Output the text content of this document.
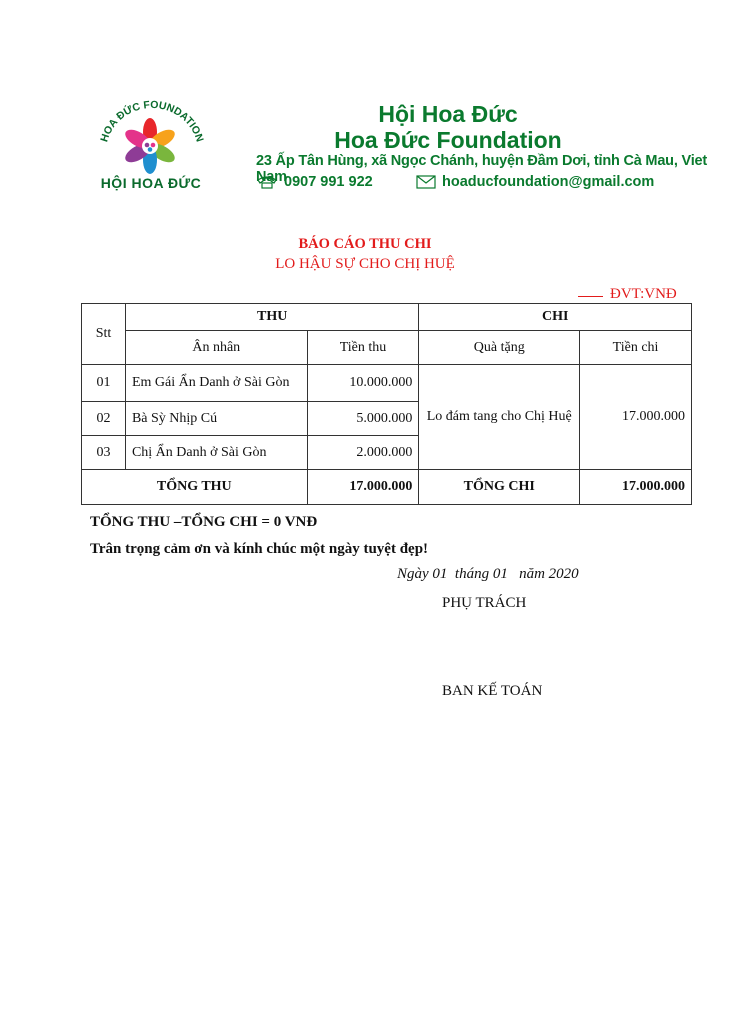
HOA ĐỨC FOUNDATION
HỘI HOA ĐỨC
Hội Hoa Đức
Hoa Đức Foundation
23 Ấp Tân Hùng, xã Ngọc Chánh, huyện Đầm Dơi, tỉnh Cà Mau, Viet Nam
0907 991 922	hoaducfoundation@gmail.com
BÁO CÁO THU CHI
LO HẬU SỰ CHO CHỊ HUỆ
ĐVT:VNĐ
Stt	THU		CHI	
	Ân nhân	Tiền thu	Quà tặng	Tiền chi
01	Em Gái Ẩn Danh ở Sài Gòn	10.000.000	Lo đám tang cho Chị Huệ	17.000.000
02	Bà Sỳ Nhịp Cú	5.000.000		
03	Chị Ẩn Danh ở Sài Gòn	2.000.000		
TỔNG THU		17.000.000	TỔNG CHI	17.000.000
TỔNG THU –TỔNG CHI = 0 VNĐ
Trân trọng cảm ơn và kính chúc một ngày tuyệt đẹp!
Ngày 01  tháng 01   năm 2020
PHỤ TRÁCH
BAN KẾ TOÁN
